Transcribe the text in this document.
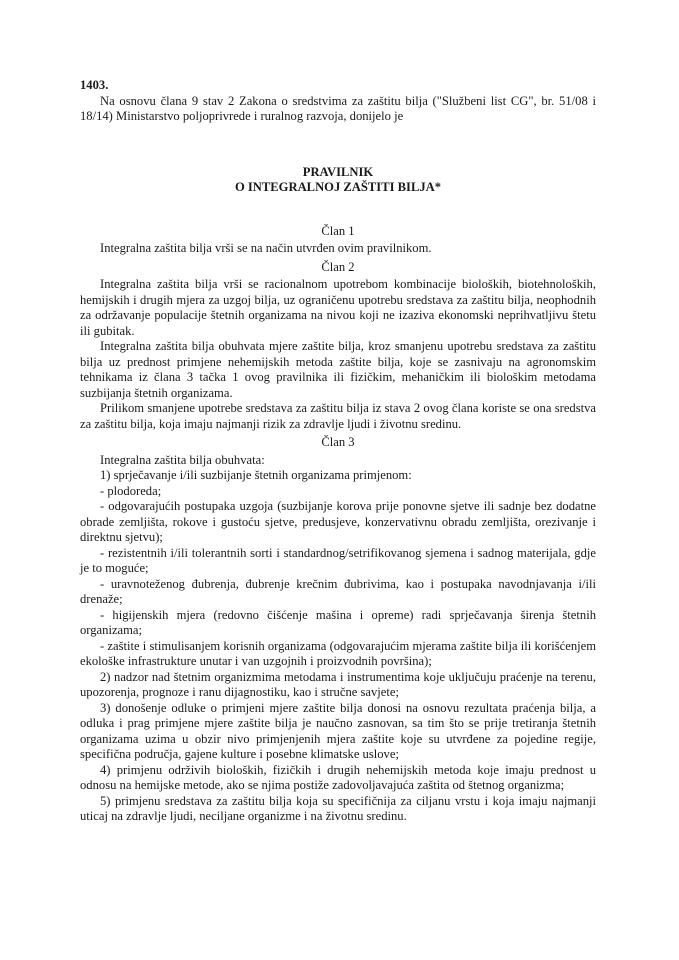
1403.

Na osnovu člana 9 stav 2 Zakona o sredstvima za zaštitu bilja ("Službeni list CG", br. 51/08 i 18/14) Ministarstvo poljoprivrede i ruralnog razvoja, donijelo je

PRAVILNIK
O INTEGRALNOJ ZAŠTITI BILJA*
Član 1

Integralna zaštita bilja vrši se na način utvrđen ovim pravilnikom.

Član 2

Integralna zaštita bilja vrši se racionalnom upotrebom kombinacije bioloških, biotehnoloških, hemijskih i drugih mjera za uzgoj bilja, uz ograničenu upotrebu sredstava za zaštitu bilja, neophodnih za održavanje populacije štetnih organizama na nivou koji ne izaziva ekonomski neprihvatljivu štetu ili gubitak.

Integralna zaštita bilja obuhvata mjere zaštite bilja, kroz smanjenu upotrebu sredstava za zaštitu bilja uz prednost primjene nehemijskih metoda zaštite bilja, koje se zasnivaju na agronomskim tehnikama iz člana 3 tačka 1 ovog pravilnika ili fizičkim, mehaničkim ili biološkim metodama suzbijanja štetnih organizama.

Prilikom smanjene upotrebe sredstava za zaštitu bilja iz stava 2 ovog člana koriste se ona sredstva za zaštitu bilja, koja imaju najmanji rizik za zdravlje ljudi i životnu sredinu.

Član 3

Integralna zaštita bilja obuhvata:

1) sprječavanje i/ili suzbijanje štetnih organizama primjenom:

- plodoreda;

- odgovarajućih postupaka uzgoja (suzbijanje korova prije ponovne sjetve ili sadnje bez dodatne obrade zemljišta, rokove i gustoću sjetve, predusjeve, konzervativnu obradu zemljišta, orezivanje i direktnu sjetvu);

- rezistentnih i/ili tolerantnih sorti i standardnog/setrifikovanog sjemena i sadnog materijala, gdje je to moguće;

- uravnoteženog đubrenja, đubrenje krečnim đubrivima, kao i postupaka navodnjavanja i/ili drenaže;

- higijenskih mjera (redovno čišćenje mašina i opreme) radi sprječavanja širenja štetnih organizama;

- zaštite i stimulisanjem korisnih organizama (odgovarajućim mjerama zaštite bilja ili korišćenjem ekološke infrastrukture unutar i van uzgojnih i proizvodnih površina);

2) nadzor nad štetnim organizmima metodama i instrumentima koje uključuju praćenje na terenu, upozorenja, prognoze i ranu dijagnostiku, kao i stručne savjete;

3) donošenje odluke o primjeni mjere zaštite bilja donosi na osnovu rezultata praćenja bilja, a odluka i prag primjene mjere zaštite bilja je naučno zasnovan, sa tim što se prije tretiranja štetnih organizama uzima u obzir nivo primjenjenih mjera zaštite koje su utvrđene za pojedine regije, specifična područja, gajene kulture i posebne klimatske uslove;

4) primjenu održivih bioloških, fizičkih i drugih nehemijskih metoda koje imaju prednost u odnosu na hemijske metode, ako se njima postiže zadovoljavajuća zaštita od štetnog organizma;

5) primjenu sredstava za zaštitu bilja koja su specifičnija za ciljanu vrstu i koja imaju najmanji uticaj na zdravlje ljudi, neciljane organizme i na životnu sredinu.
